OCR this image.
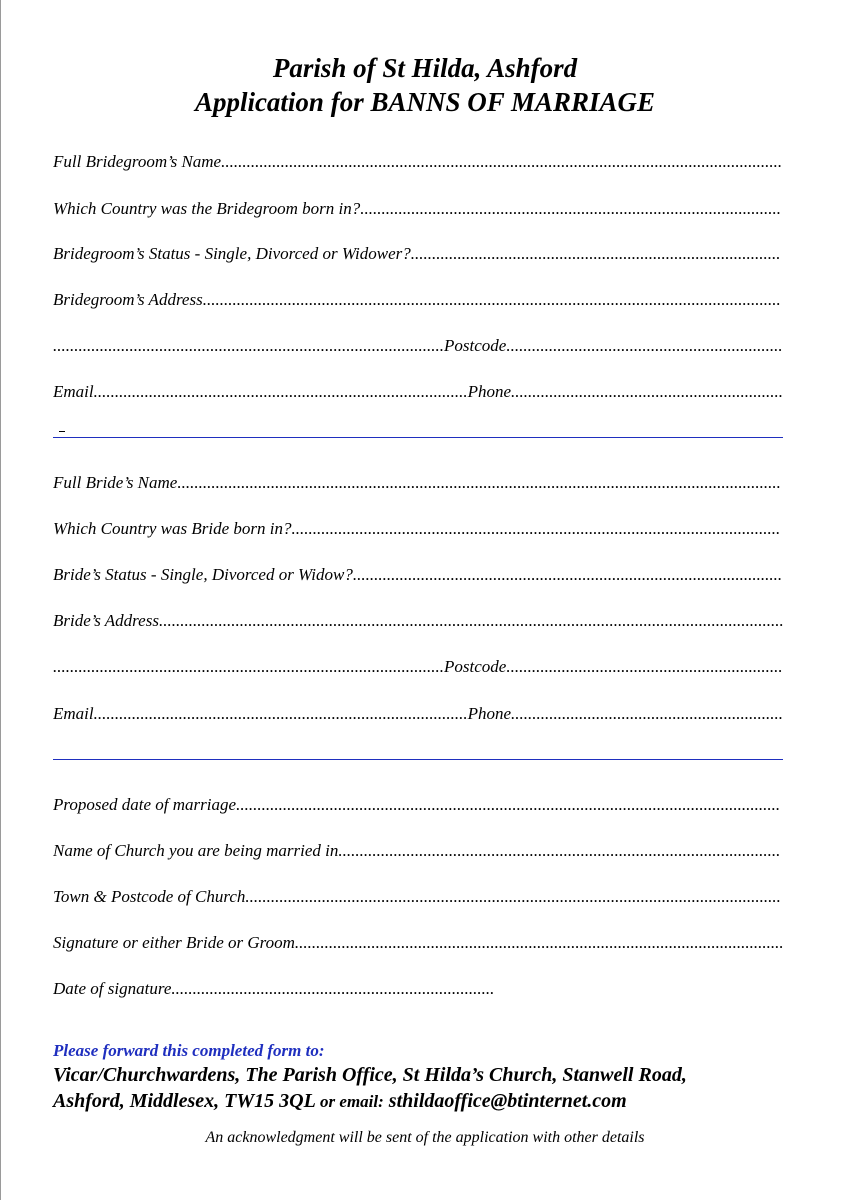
Parish of St Hilda, Ashford
Application for BANNS OF MARRIAGE
Full Bridegroom’s Name....................................................................................................................................
Which Country was the Bridegroom born in?...................................................................................................
Bridegroom’s Status - Single, Divorced or Widower?.......................................................................................
Bridegroom’s Address........................................................................................................................................
............................................................................................Postcode.................................................................
Email........................................................................................Phone................................................................
Full Bride’s Name..............................................................................................................................................
Which Country was Bride born in?...................................................................................................................
Bride’s Status - Single, Divorced or Widow?.....................................................................................................
Bride’s Address...................................................................................................................................................
............................................................................................Postcode.................................................................
Email........................................................................................Phone................................................................
Proposed date of marriage................................................................................................................................
Name of Church you are being married in........................................................................................................
Town & Postcode of Church..............................................................................................................................
Signature or either Bride or Groom...................................................................................................................
Date of signature............................................................................
Please forward this completed form to:
Vicar/Churchwardens, The Parish Office, St Hilda’s Church, Stanwell Road,
Ashford, Middlesex, TW15 3QL or email: sthildaoffice@btinternet.com
An acknowledgment will be sent of the application with other details
